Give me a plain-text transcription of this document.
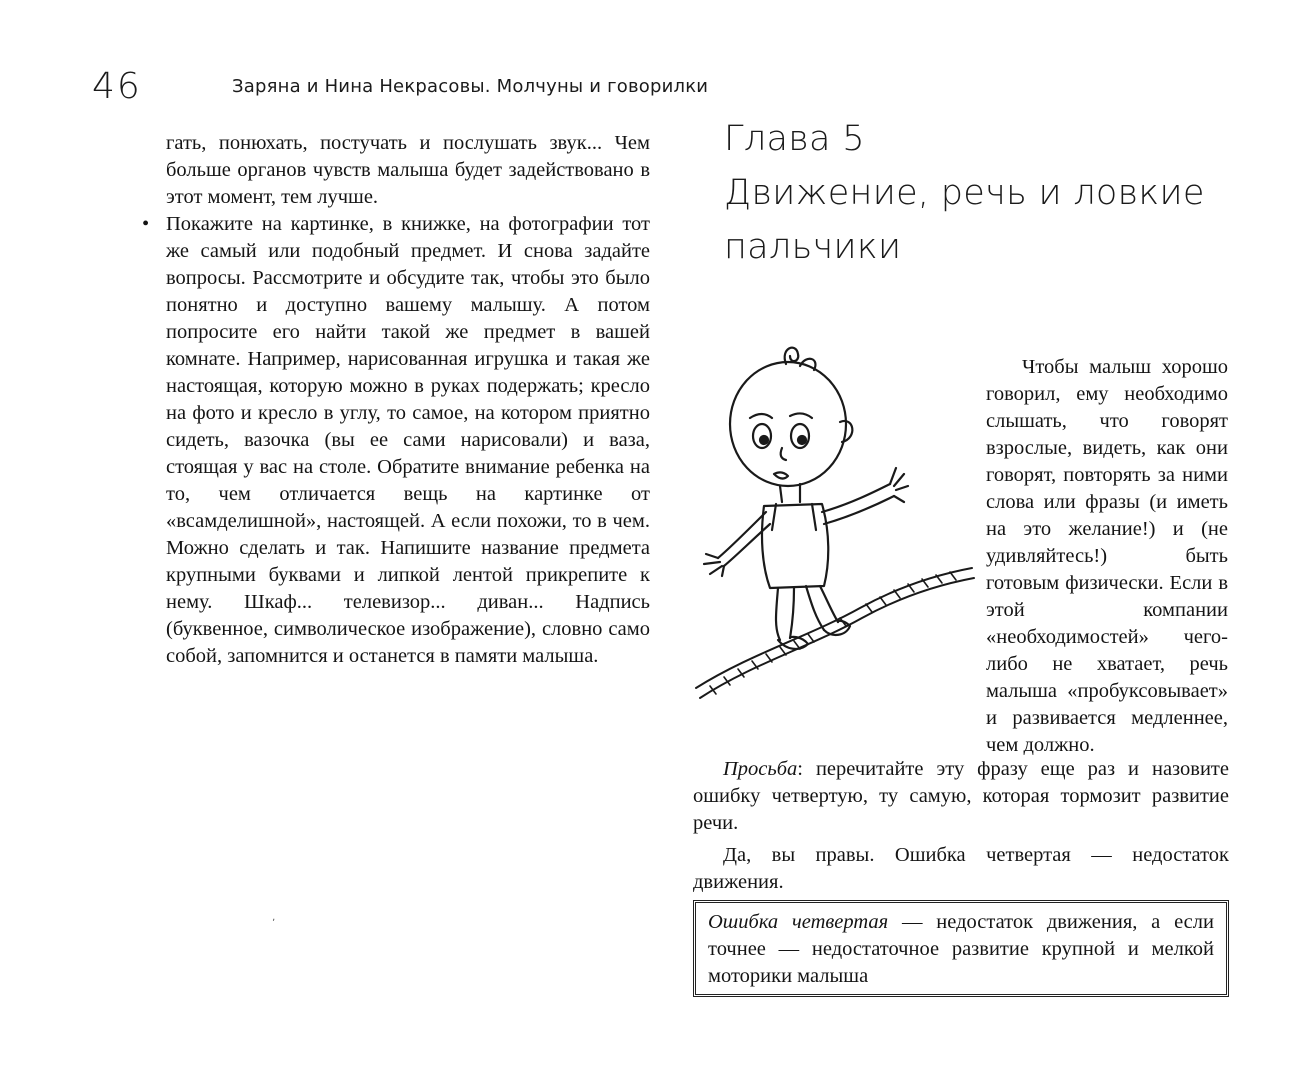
46	Заряна и Нина Некрасовы. Молчуны и говорилки

гать, понюхать, постучать и послушать звук... Чем больше органов чувств малыша будет задействовано в этот момент, тем лучше.

• Покажите на картинке, в книжке, на фотографии тот же самый или подобный предмет. И снова задайте вопросы. Рассмотрите и обсудите так, чтобы это было понятно и доступно вашему малышу. А потом попросите его найти такой же предмет в вашей комнате. Например, нарисованная игрушка и такая же настоящая, которую можно в руках подержать; кресло на фото и кресло в углу, то самое, на котором приятно сидеть, вазочка (вы ее сами нарисовали) и ваза, стоящая у вас на столе. Обратите внимание ребенка на то, чем отличается вещь на картинке от «всамделишной», настоящей. А если похожи, то в чем. Можно сделать и так. Напишите название предмета крупными буквами и липкой лентой прикрепите к нему. Шкаф... телевизор... диван... Надпись (буквенное, символическое изображение), словно само собой, запомнится и останется в памяти малыша.

Глава 5
Движение, речь и ловкие
пальчики

Чтобы малыш хорошо говорил, ему необходимо слышать, что говорят взрослые, видеть, как они говорят, повторять за ними слова или фразы (и иметь на это желание!) и (не удивляйтесь!) быть готовым физически. Если в этой компании «необходимостей» чего-либо не хватает, речь малыша «пробуксовывает» и развивается медленнее, чем должно.

Просьба: перечитайте эту фразу еще раз и назовите ошибку четвертую, ту самую, которая тормозит развитие речи.

Да, вы правы. Ошибка четвертая — недостаток движения.

Ошибка четвертая — недостаток движения, а если точнее — недостаточное развитие крупной и мелкой моторики малыша
ʼ
